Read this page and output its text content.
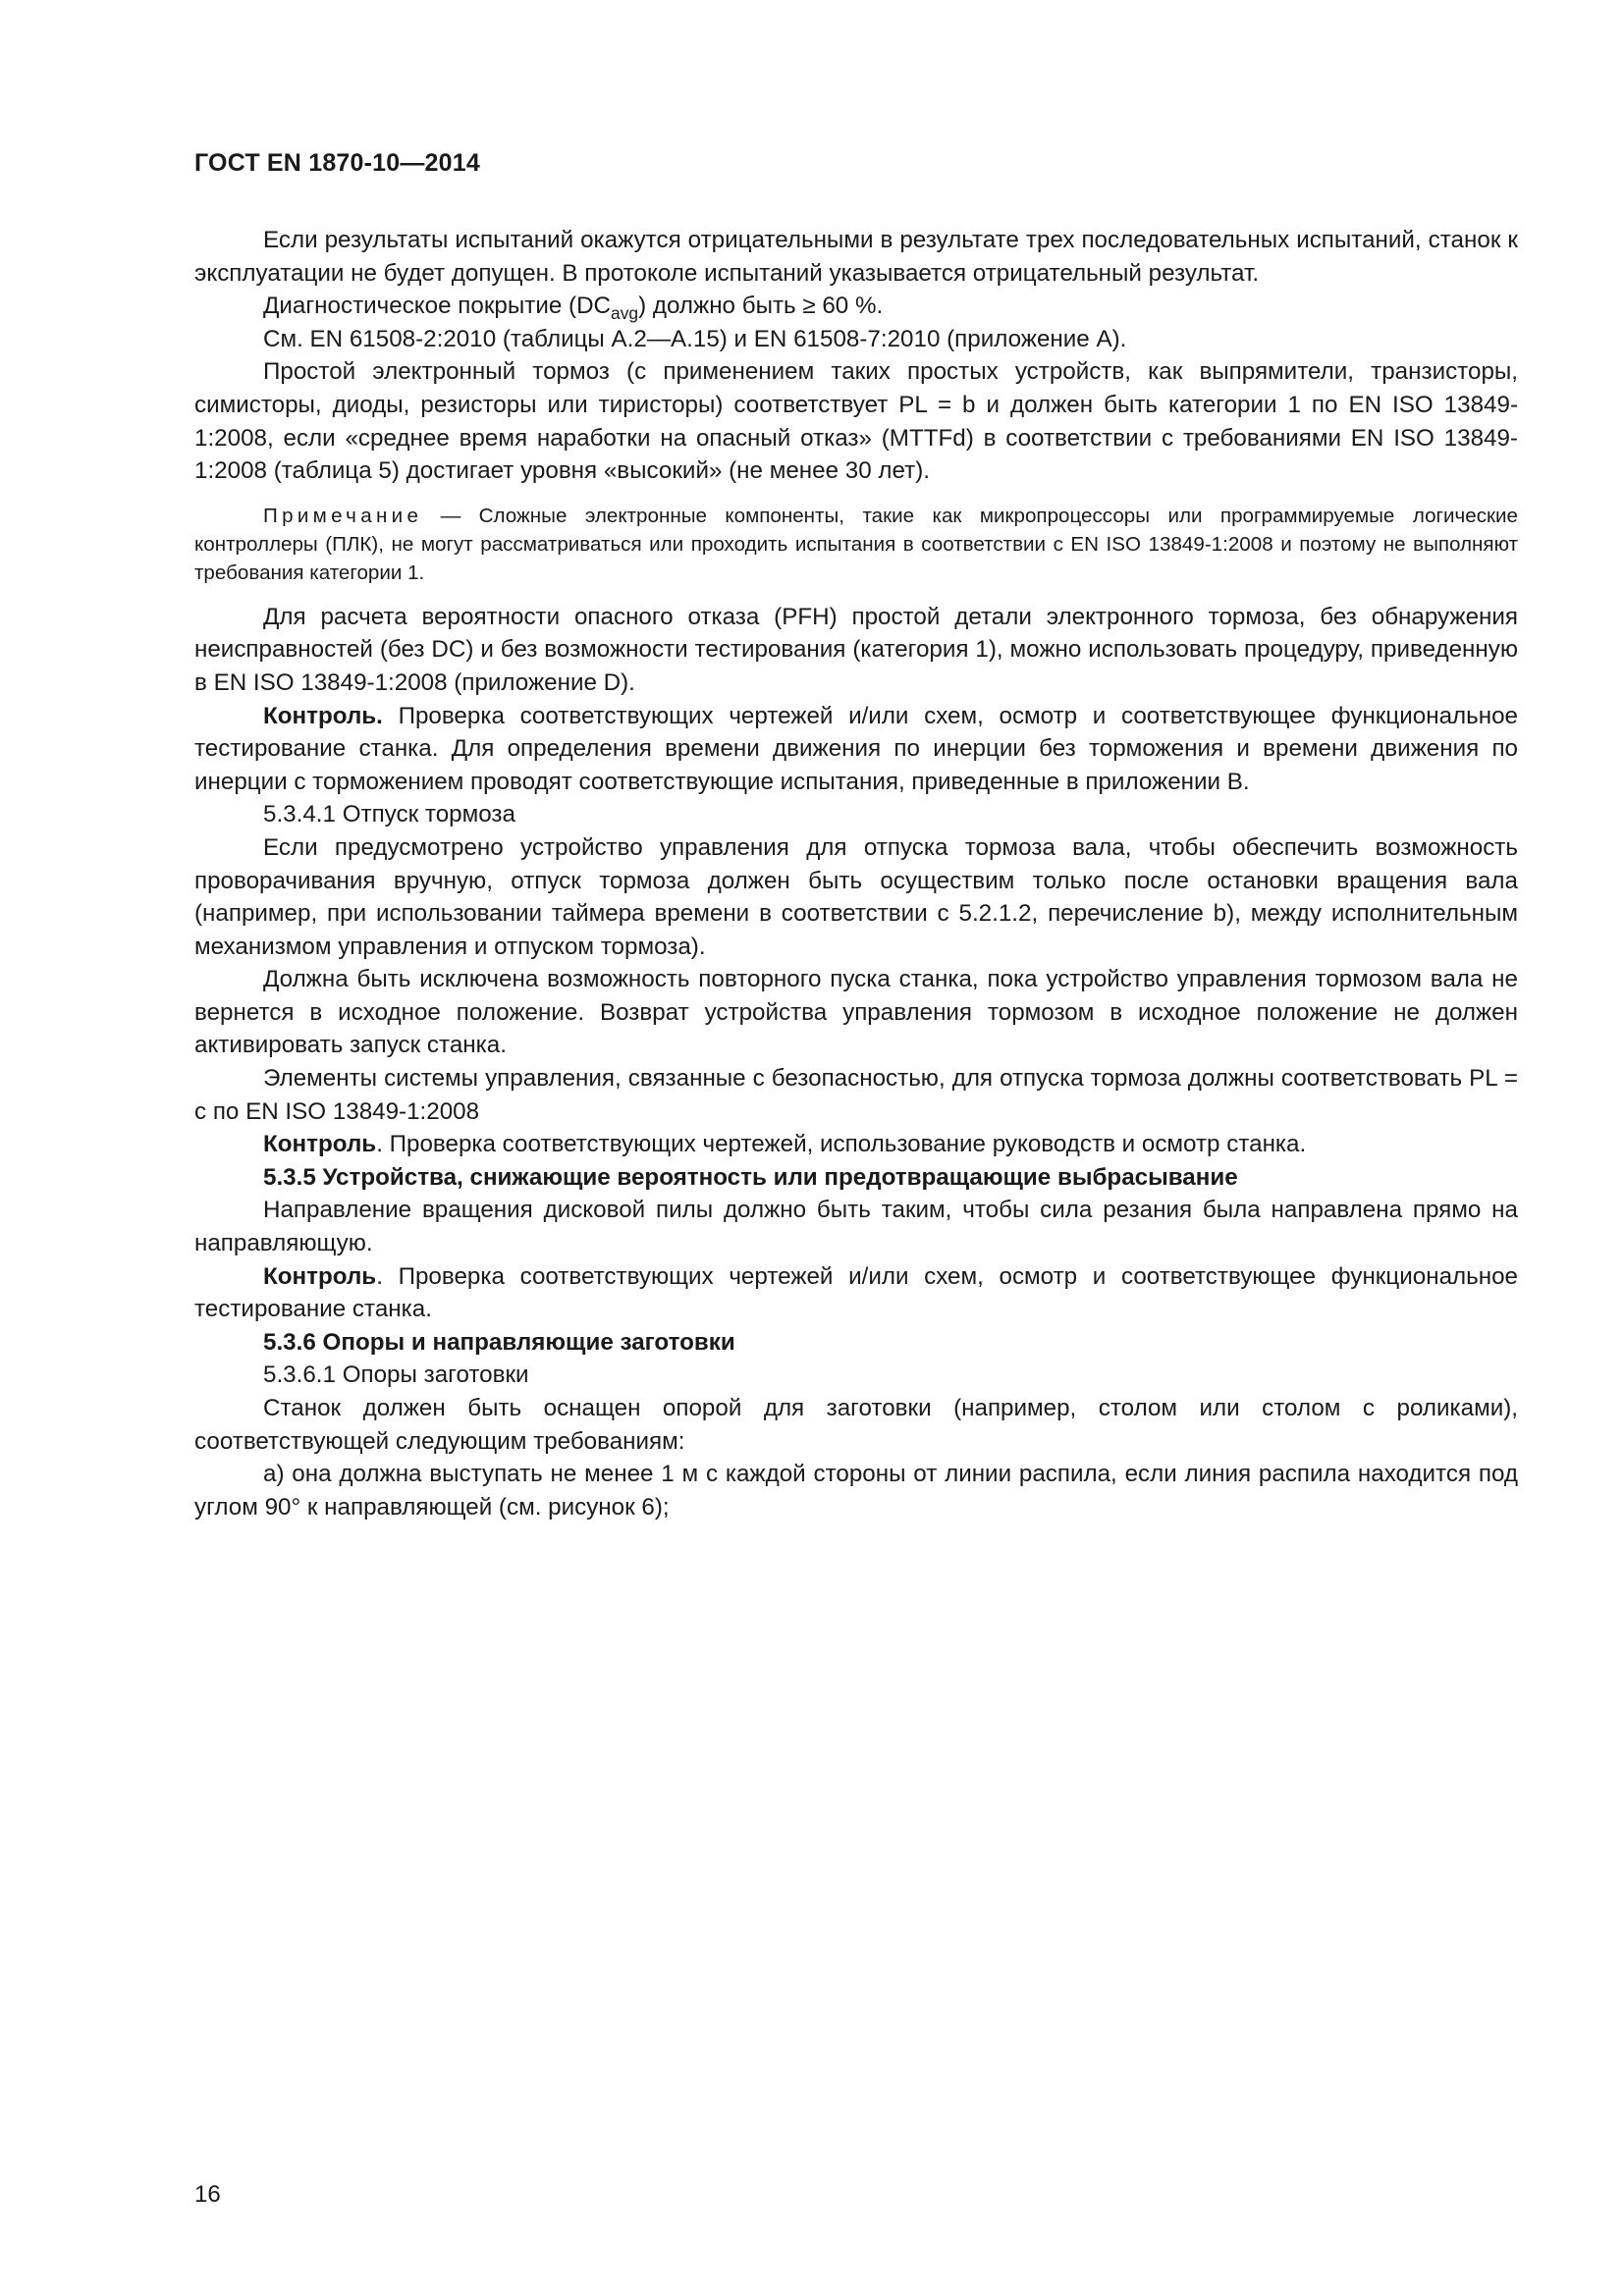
ГОСТ EN 1870-10—2014

Если результаты испытаний окажутся отрицательными в результате трех последовательных испытаний, станок к эксплуатации не будет допущен. В протоколе испытаний указывается отрицательный результат.

Диагностическое покрытие $(DC_{avg})$ должно быть ≥ 60 %.

См. EN 61508-2:2010 (таблицы А.2—А.15) и EN 61508-7:2010 (приложение А).

Простой электронный тормоз (с применением таких простых устройств, как выпрямители, транзисторы, симисторы, диоды, резисторы или тиристоры) соответствует PL = b и должен быть категории 1 по EN ISO 13849-1:2008, если «среднее время наработки на опасный отказ» (MTTFd) в соответствии с требованиями EN ISO 13849-1:2008 (таблица 5) достигает уровня «высокий» (не менее 30 лет).

Примечание — Сложные электронные компоненты, такие как микропроцессоры или программируемые логические контроллеры (ПЛК), не могут рассматриваться или проходить испытания в соответствии с EN ISO 13849-1:2008 и поэтому не выполняют требования категории 1.

Для расчета вероятности опасного отказа (PFH) простой детали электронного тормоза, без обнаружения неисправностей (без DC) и без возможности тестирования (категория 1), можно использовать процедуру, приведенную в EN ISO 13849-1:2008 (приложение D).

Контроль. Проверка соответствующих чертежей и/или схем, осмотр и соответствующее функциональное тестирование станка. Для определения времени движения по инерции без торможения и времени движения по инерции с торможением проводят соответствующие испытания, приведенные в приложении В.

5.3.4.1 Отпуск тормоза

Если предусмотрено устройство управления для отпуска тормоза вала, чтобы обеспечить возможность проворачивания вручную, отпуск тормоза должен быть осуществим только после остановки вращения вала (например, при использовании таймера времени в соответствии с 5.2.1.2, перечисление b), между исполнительным механизмом управления и отпуском тормоза).

Должна быть исключена возможность повторного пуска станка, пока устройство управления тормозом вала не вернется в исходное положение. Возврат устройства управления тормозом в исходное положение не должен активировать запуск станка.

Элементы системы управления, связанные с безопасностью, для отпуска тормоза должны соответствовать PL = c по EN ISO 13849-1:2008

Контроль. Проверка соответствующих чертежей, использование руководств и осмотр станка.

5.3.5 Устройства, снижающие вероятность или предотвращающие выбрасывание

Направление вращения дисковой пилы должно быть таким, чтобы сила резания была направлена прямо на направляющую.

Контроль. Проверка соответствующих чертежей и/или схем, осмотр и соответствующее функциональное тестирование станка.

5.3.6 Опоры и направляющие заготовки

5.3.6.1 Опоры заготовки

Станок должен быть оснащен опорой для заготовки (например, столом или столом с роликами), соответствующей следующим требованиям:

а) она должна выступать не менее 1 м с каждой стороны от линии распила, если линия распила находится под углом 90° к направляющей (см. рисунок 6);

16
